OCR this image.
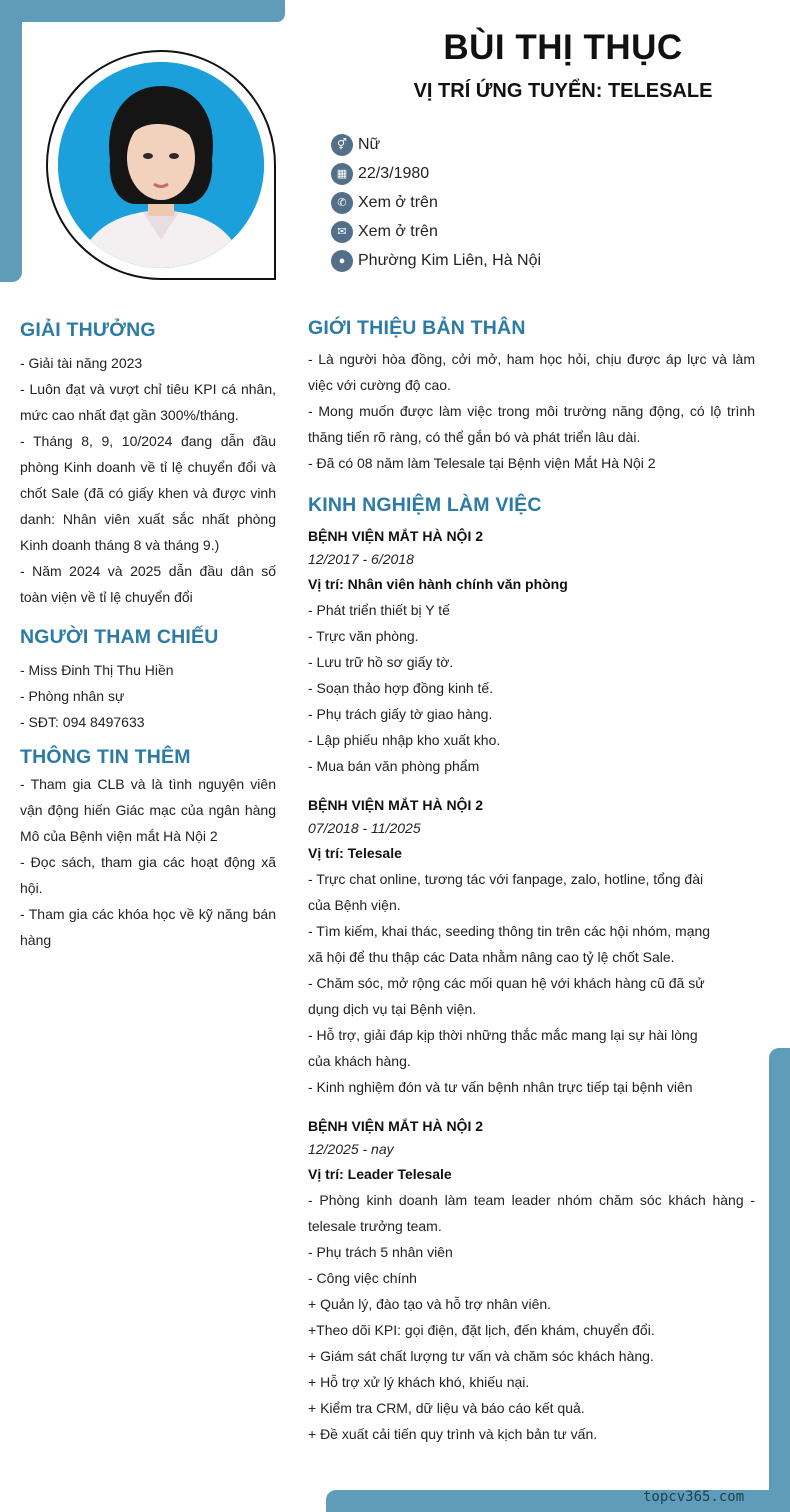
BÙI THỊ THỤC
VỊ TRÍ ỨNG TUYỂN: TELESALE
⚥ Nữ
▦ 22/3/1980
✆ Xem ở trên
✉ Xem ở trên
● Phường Kim Liên, Hà Nội
GIẢI THƯỞNG

- Giải tài năng 2023

- Luôn đạt và vượt chỉ tiêu KPI cá nhân, mức cao nhất đạt gần 300%/tháng.

- Tháng 8, 9, 10/2024 đang dẫn đầu phòng Kinh doanh về tỉ lệ chuyển đổi và chốt Sale (đã có giấy khen và được vinh danh: Nhân viên xuất sắc nhất phòng Kinh doanh tháng 8 và tháng 9.)

- Năm 2024 và 2025 dẫn đầu dân số toàn viện về tỉ lệ chuyển đổi

NGƯỜI THAM CHIẾU

- Miss Đinh Thị Thu Hiền

- Phòng nhân sự

- SĐT: 094 8497633

THÔNG TIN THÊM

- Tham gia CLB và là tình nguyện viên vận động hiến Giác mạc của ngân hàng Mô của Bệnh viện mắt Hà Nội 2

- Đọc sách, tham gia các hoạt động xã hội.

- Tham gia các khóa học về kỹ năng bán hàng

GIỚI THIỆU BẢN THÂN

- Là người hòa đồng, cởi mở, ham học hỏi, chịu được áp lực và làm việc với cường độ cao.

- Mong muốn được làm việc trong môi trường năng động, có lộ trình thăng tiến rõ ràng, có thể gắn bó và phát triển lâu dài.

- Đã có 08 năm làm Telesale tại Bệnh viện Mắt Hà Nội 2

KINH NGHIỆM LÀM VIỆC
BỆNH VIỆN MẮT HÀ NỘI 2
12/2017 - 6/2018
Vị trí: Nhân viên hành chính văn phòng

- Phát triển thiết bị Y tế

- Trực văn phòng.

- Lưu trữ hồ sơ giấy tờ.

- Soạn thảo hợp đồng kinh tế.

- Phụ trách giấy tờ giao hàng.

- Lập phiếu nhập kho xuất kho.

- Mua bán văn phòng phẩm

BỆNH VIỆN MẮT HÀ NỘI 2
07/2018 - 11/2025
Vị trí: Telesale

- Trực chat online, tương tác với fanpage, zalo, hotline, tổng đài

của Bệnh viện.

- Tìm kiếm, khai thác, seeding thông tin trên các hội nhóm, mạng

xã hội để thu thập các Data nhằm nâng cao tỷ lệ chốt Sale.

- Chăm sóc, mở rộng các mối quan hệ với khách hàng cũ đã sử

dụng dịch vụ tại Bệnh viện.

- Hỗ trợ, giải đáp kịp thời những thắc mắc mang lại sự hài lòng

của khách hàng.

- Kinh nghiệm đón và tư vấn bệnh nhân trực tiếp tại bệnh viên

BỆNH VIỆN MẮT HÀ NỘI 2
12/2025 - nay
Vị trí: Leader Telesale

- Phòng kinh doanh làm team leader nhóm chăm sóc khách hàng - telesale trưởng team.

- Phụ trách 5 nhân viên

- Công việc chính

+ Quản lý, đào tạo và hỗ trợ nhân viên.

+Theo dõi KPI: gọi điện, đặt lịch, đến khám, chuyển đổi.

+ Giám sát chất lượng tư vấn và chăm sóc khách hàng.

+ Hỗ trợ xử lý khách khó, khiếu nại.

+ Kiểm tra CRM, dữ liệu và báo cáo kết quả.

+ Đề xuất cải tiến quy trình và kịch bản tư vấn.

topcv365.com
